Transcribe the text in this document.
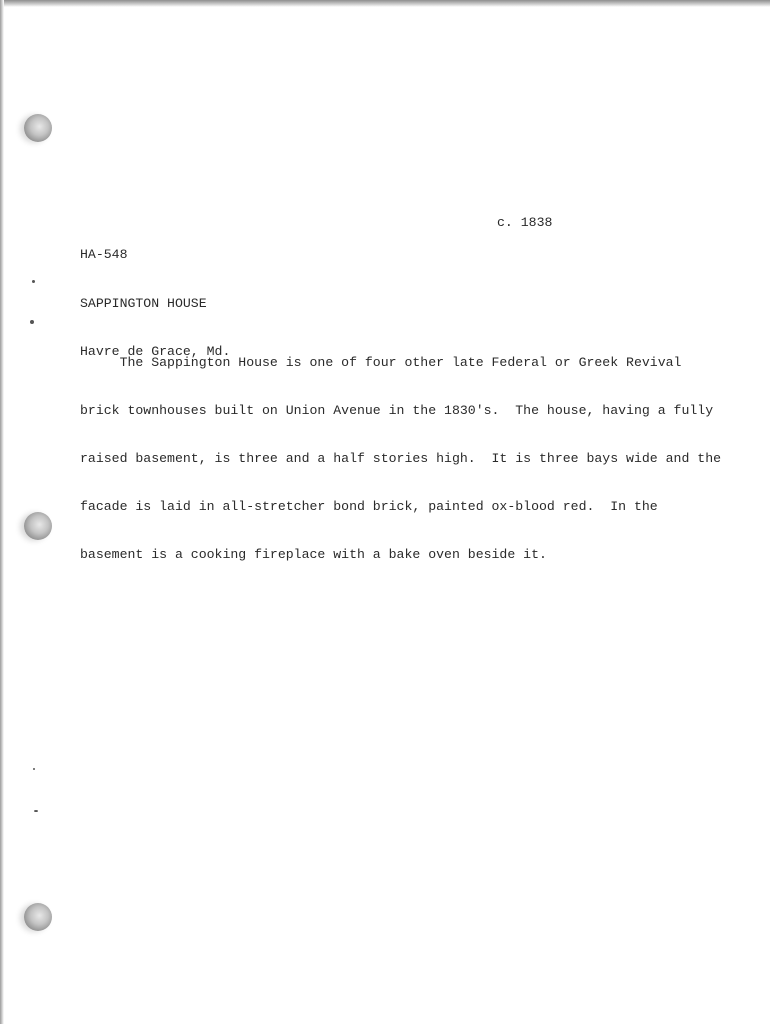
HA-548

SAPPINGTON HOUSE

Havre de Grace, Md.

c. 1838

The Sappington House is one of four other late Federal or Greek Revival

brick townhouses built on Union Avenue in the 1830's.  The house, having a fully

raised basement, is three and a half stories high.  It is three bays wide and the

facade is laid in all-stretcher bond brick, painted ox-blood red.  In the

basement is a cooking fireplace with a bake oven beside it.
